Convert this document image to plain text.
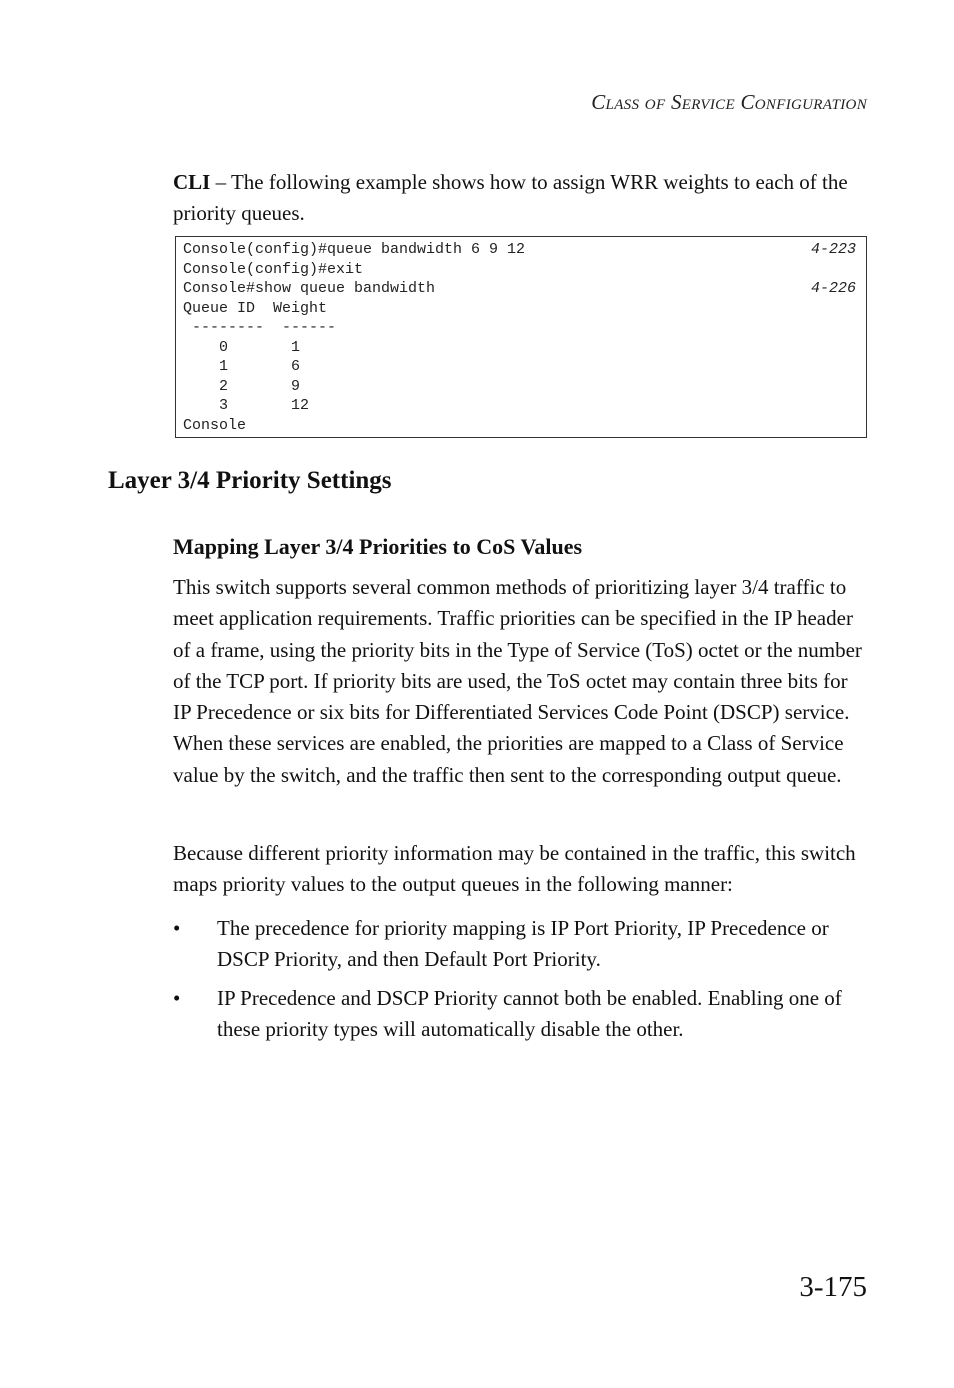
Class of Service Configuration
CLI – The following example shows how to assign WRR weights to each of the priority queues.
Console(config)#queue bandwidth 6 9 12	4-223
Console(config)#exit
Console#show queue bandwidth	4-226
Queue ID  Weight
--------  ------
0       1
1       6
2       9
3       12
Console
Layer 3/4 Priority Settings
Mapping Layer 3/4 Priorities to CoS Values
This switch supports several common methods of prioritizing layer 3/4 traffic to meet application requirements. Traffic priorities can be specified in the IP header of a frame, using the priority bits in the Type of Service (ToS) octet or the number of the TCP port. If priority bits are used, the ToS octet may contain three bits for IP Precedence or six bits for Differentiated Services Code Point (DSCP) service. When these services are enabled, the priorities are mapped to a Class of Service value by the switch, and the traffic then sent to the corresponding output queue.
Because different priority information may be contained in the traffic, this switch maps priority values to the output queues in the following manner:
• The precedence for priority mapping is IP Port Priority, IP Precedence or DSCP Priority, and then Default Port Priority.
• IP Precedence and DSCP Priority cannot both be enabled. Enabling one of these priority types will automatically disable the other.
3-175
